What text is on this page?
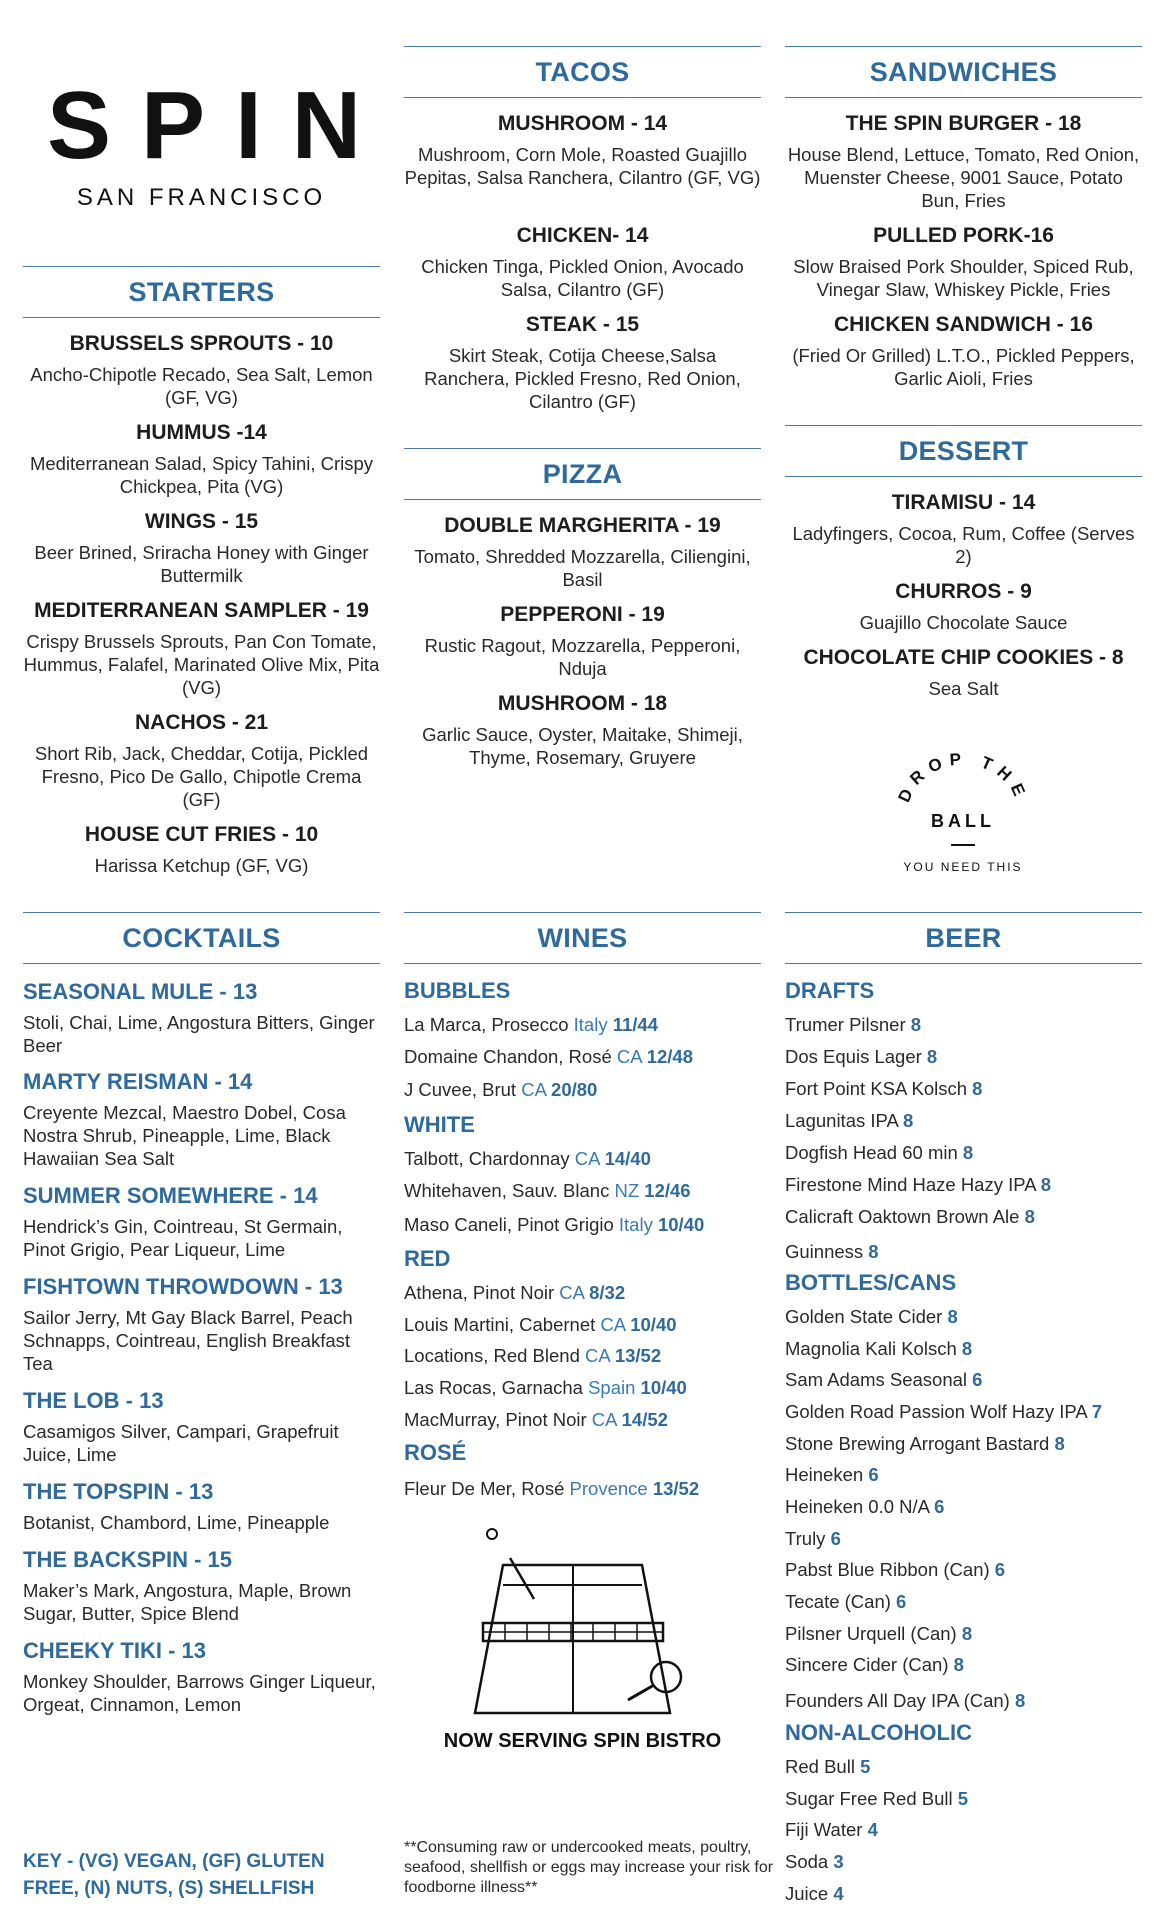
SPIN
SAN FRANCISCO
STARTERS
BRUSSELS SPROUTS - 10
Ancho-Chipotle Recado, Sea Salt, Lemon (GF, VG)
HUMMUS -14
Mediterranean Salad, Spicy Tahini, Crispy Chickpea, Pita (VG)
WINGS - 15
Beer Brined, Sriracha Honey with Ginger Buttermilk
MEDITERRANEAN SAMPLER - 19
Crispy Brussels Sprouts, Pan Con Tomate, Hummus, Falafel, Marinated Olive Mix, Pita (VG)
NACHOS - 21
Short Rib, Jack, Cheddar, Cotija, Pickled Fresno, Pico De Gallo, Chipotle Crema (GF)
HOUSE CUT FRIES - 10
Harissa Ketchup (GF, VG)
TACOS
MUSHROOM - 14
Mushroom, Corn Mole, Roasted Guajillo Pepitas, Salsa Ranchera, Cilantro (GF, VG)
CHICKEN- 14
Chicken Tinga, Pickled Onion, Avocado Salsa, Cilantro (GF)
STEAK - 15
Skirt Steak, Cotija Cheese,Salsa Ranchera, Pickled Fresno, Red Onion, Cilantro (GF)
PIZZA
DOUBLE MARGHERITA - 19
Tomato, Shredded Mozzarella, Ciliengini, Basil
PEPPERONI - 19
Rustic Ragout, Mozzarella, Pepperoni, Nduja
MUSHROOM - 18
Garlic Sauce, Oyster, Maitake, Shimeji, Thyme, Rosemary, Gruyere
SANDWICHES
THE SPIN BURGER - 18
House Blend, Lettuce, Tomato, Red Onion, Muenster Cheese, 9001 Sauce, Potato Bun, Fries
PULLED PORK-16
Slow Braised Pork Shoulder, Spiced Rub, Vinegar Slaw, Whiskey Pickle, Fries
CHICKEN SANDWICH - 16
(Fried Or Grilled) L.T.O., Pickled Peppers, Garlic Aioli, Fries
DESSERT
TIRAMISU - 14
Ladyfingers, Cocoa, Rum, Coffee (Serves 2)
CHURROS - 9
Guajillo Chocolate Sauce
CHOCOLATE CHIP COOKIES - 8
Sea Salt
DROP THE
BALL
YOU NEED THIS
COCKTAILS
SEASONAL MULE - 13
Stoli, Chai, Lime, Angostura Bitters, Ginger Beer
MARTY REISMAN - 14
Creyente Mezcal, Maestro Dobel, Cosa Nostra Shrub, Pineapple, Lime, Black Hawaiian Sea Salt
SUMMER SOMEWHERE - 14
Hendrick’s Gin, Cointreau, St Germain, Pinot Grigio, Pear Liqueur, Lime
FISHTOWN THROWDOWN - 13
Sailor Jerry, Mt Gay Black Barrel, Peach Schnapps, Cointreau, English Breakfast Tea
THE LOB - 13
Casamigos Silver, Campari, Grapefruit Juice, Lime
THE TOPSPIN - 13
Botanist, Chambord, Lime, Pineapple
THE BACKSPIN - 15
Maker’s Mark, Angostura, Maple, Brown Sugar, Butter, Spice Blend
CHEEKY TIKI - 13
Monkey Shoulder, Barrows Ginger Liqueur, Orgeat, Cinnamon, Lemon
WINES
BUBBLES
La Marca, Prosecco Italy 11/44
Domaine Chandon, Rosé CA 12/48
J Cuvee, Brut CA 20/80
WHITE
Talbott, Chardonnay CA 14/40
Whitehaven, Sauv. Blanc NZ 12/46
Maso Caneli, Pinot Grigio Italy 10/40
RED
Athena, Pinot Noir CA 8/32
Louis Martini, Cabernet CA 10/40
Locations, Red Blend CA 13/52
Las Rocas, Garnacha Spain 10/40
MacMurray, Pinot Noir CA 14/52
ROSÉ
Fleur De Mer, Rosé Provence 13/52
NOW SERVING SPIN BISTRO
BEER
DRAFTS
Trumer Pilsner 8
Dos Equis Lager 8
Fort Point KSA Kolsch 8
Lagunitas IPA 8
Dogfish Head 60 min 8
Firestone Mind Haze Hazy IPA 8
Calicraft Oaktown Brown Ale 8
Guinness 8
BOTTLES/CANS
Golden State Cider 8
Magnolia Kali Kolsch 8
Sam Adams Seasonal 6
Golden Road Passion Wolf Hazy IPA 7
Stone Brewing Arrogant Bastard 8
Heineken 6
Heineken 0.0 N/A 6
Truly 6
Pabst Blue Ribbon (Can) 6
Tecate (Can) 6
Pilsner Urquell (Can) 8
Sincere Cider (Can) 8
Founders All Day IPA (Can) 8
NON-ALCOHOLIC
Red Bull 5
Sugar Free Red Bull 5
Fiji Water 4
Soda 3
Juice 4
KEY - (VG) VEGAN, (GF) GLUTEN FREE, (N) NUTS, (S) SHELLFISH
**Consuming raw or undercooked meats, poultry, seafood, shellfish or eggs may increase your risk for foodborne illness**
